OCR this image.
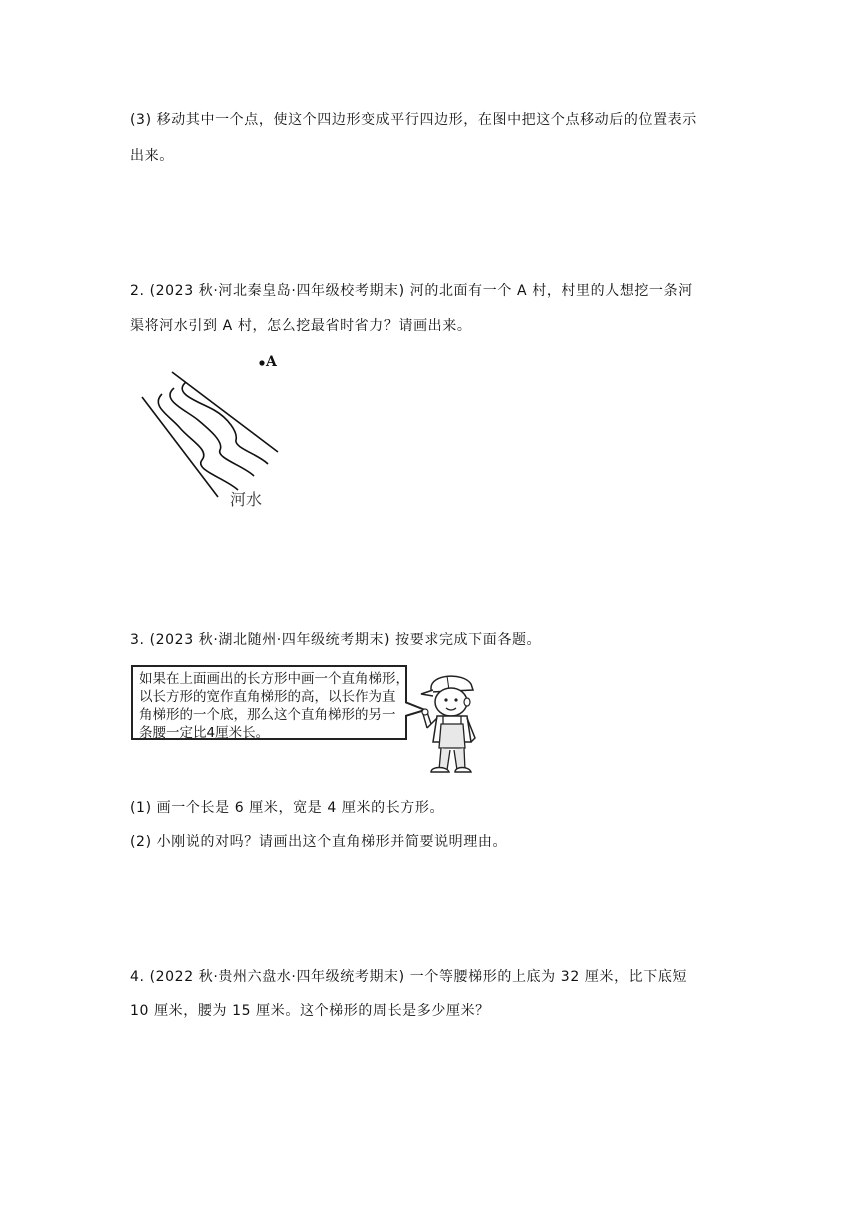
(3) 移动其中一个点，使这个四边形变成平行四边形，在图中把这个点移动后的位置表示
出来。
2. (2023 秋·河北秦皇岛·四年级校考期末) 河的北面有一个 A 村，村里的人想挖一条河
渠将河水引到 A 村，怎么挖最省时省力？请画出来。
A
河水
3. (2023 秋·湖北随州·四年级统考期末) 按要求完成下面各题。
如果在上面画出的长方形中画一个直角梯形，
以长方形的宽作直角梯形的高，以长作为直
角梯形的一个底，那么这个直角梯形的另一
条腰一定比4厘米长。
(1) 画一个长是 6 厘米，宽是 4 厘米的长方形。
(2) 小刚说的对吗？请画出这个直角梯形并简要说明理由。
4. (2022 秋·贵州六盘水·四年级统考期末) 一个等腰梯形的上底为 32 厘米，比下底短
10 厘米，腰为 15 厘米。这个梯形的周长是多少厘米？
